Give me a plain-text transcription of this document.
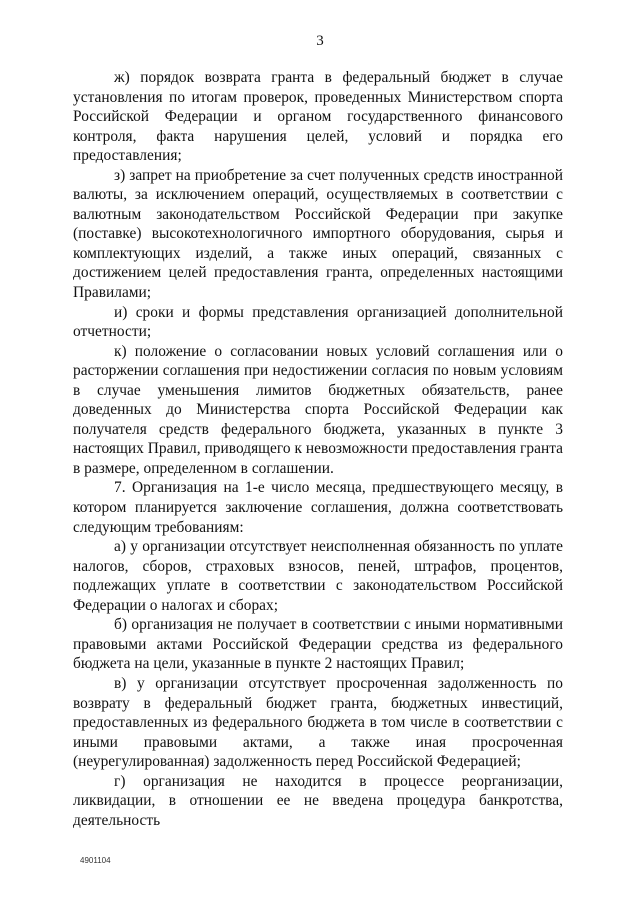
3

ж) порядок возврата гранта в федеральный бюджет в случае установления по итогам проверок, проведенных Министерством спорта Российской Федерации и органом государственного финансового контроля, факта нарушения целей, условий и порядка его предоставления;

з) запрет на приобретение за счет полученных средств иностранной валюты, за исключением операций, осуществляемых в соответствии с валютным законодательством Российской Федерации при закупке (поставке) высокотехнологичного импортного оборудования, сырья и комплектующих изделий, а также иных операций, связанных с достижением целей предоставления гранта, определенных настоящими Правилами;

и) сроки и формы представления организацией дополнительной отчетности;

к) положение о согласовании новых условий соглашения или о расторжении соглашения при недостижении согласия по новым условиям в случае уменьшения лимитов бюджетных обязательств, ранее доведенных до Министерства спорта Российской Федерации как получателя средств федерального бюджета, указанных в пункте 3 настоящих Правил, приводящего к невозможности предоставления гранта в размере, определенном в соглашении.

7. Организация на 1-е число месяца, предшествующего месяцу, в котором планируется заключение соглашения, должна соответствовать следующим требованиям:

а) у организации отсутствует неисполненная обязанность по уплате налогов, сборов, страховых взносов, пеней, штрафов, процентов, подлежащих уплате в соответствии с законодательством Российской Федерации о налогах и сборах;

б) организация не получает в соответствии с иными нормативными правовыми актами Российской Федерации средства из федерального бюджета на цели, указанные в пункте 2 настоящих Правил;

в) у организации отсутствует просроченная задолженность по возврату в федеральный бюджет гранта, бюджетных инвестиций, предоставленных из федерального бюджета в том числе в соответствии с иными правовыми актами, а также иная просроченная (неурегулированная) задолженность перед Российской Федерацией;

г) организация не находится в процессе реорганизации, ликвидации, в отношении ее не введена процедура банкротства, деятельность

4901104
